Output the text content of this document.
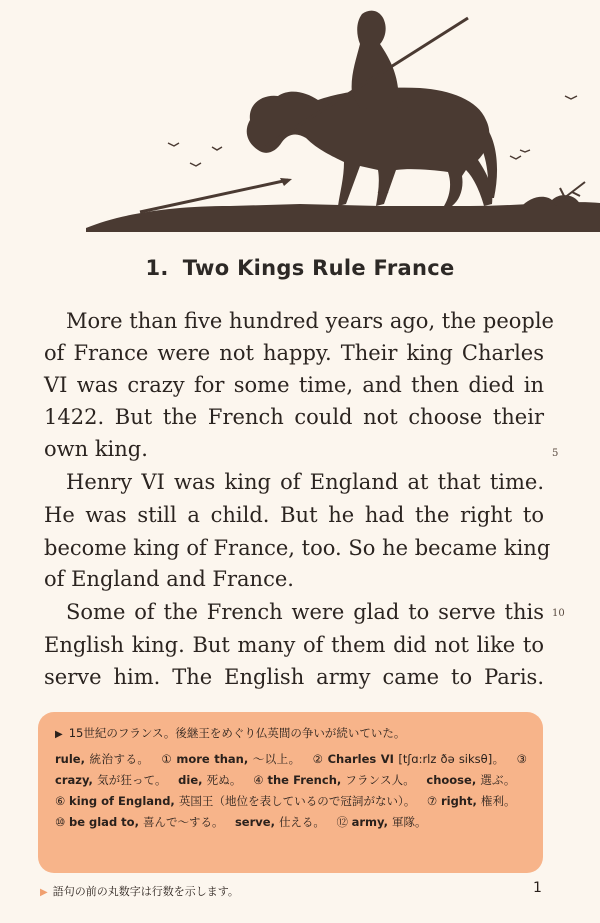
1. Two Kings Rule France
More than five hundred years ago, the people
of France were not happy. Their king Charles
VI was crazy for some time, and then died in
1422. But the French could not choose their
own king.
Henry VI was king of England at that time.
He was still a child. But he had the right to
become king of France, too. So he became king
of England and France.
Some of the French were glad to serve this
English king. But many of them did not like to
serve him. The English army came to Paris.
5
10
▶ 15世紀のフランス。後継王をめぐり仏英間の争いが続いていた。
rule, 統治する。  ① more than, 〜以上。  ② Charles VI [tʃɑ:rlz ðə siksθ]。  ③ crazy, 気が狂って。  die, 死ぬ。  ④ the French, フランス人。  choose, 選ぶ。 ⑥ king of England, 英国王（地位を表しているので冠詞がない）。  ⑦ right, 権利。 ⑩ be glad to, 喜んで〜する。  serve, 仕える。  ⑫ army, 軍隊。 
▶ 語句の前の丸数字は行数を示します。	1
